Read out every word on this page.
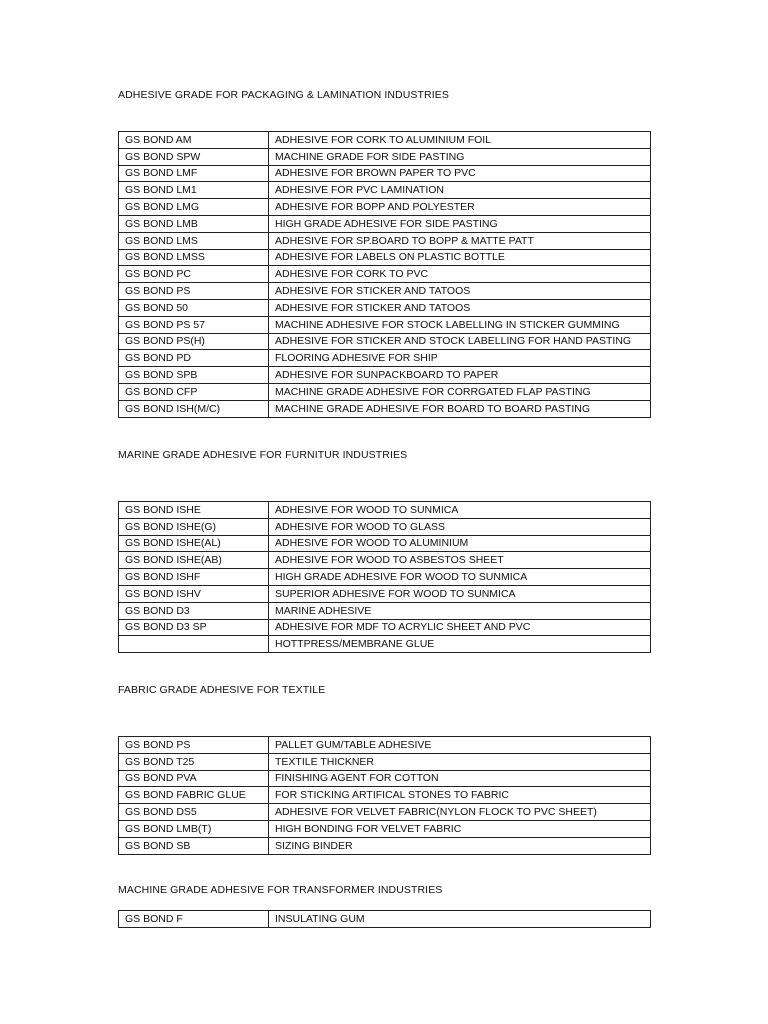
ADHESIVE GRADE FOR PACKAGING & LAMINATION INDUSTRIES
GS BOND AM	ADHESIVE FOR CORK TO ALUMINIUM FOIL
GS BOND SPW	MACHINE GRADE FOR SIDE PASTING
GS BOND LMF	ADHESIVE FOR BROWN PAPER TO PVC
GS BOND LM1	ADHESIVE FOR PVC LAMINATION
GS BOND LMG	ADHESIVE FOR BOPP AND POLYESTER
GS BOND LMB	HIGH GRADE ADHESIVE FOR SIDE PASTING
GS BOND LMS	ADHESIVE FOR SP.BOARD TO BOPP & MATTE PATT
GS BOND LMSS	ADHESIVE FOR LABELS ON PLASTIC BOTTLE
GS BOND PC	ADHESIVE FOR CORK TO PVC
GS BOND PS	ADHESIVE FOR STICKER AND TATOOS
GS BOND 50	ADHESIVE FOR STICKER AND TATOOS
GS BOND PS 57	MACHINE ADHESIVE FOR STOCK LABELLING IN STICKER GUMMING
GS BOND PS(H)	ADHESIVE FOR STICKER AND STOCK LABELLING FOR HAND PASTING
GS BOND PD	FLOORING ADHESIVE FOR SHIP
GS BOND SPB	ADHESIVE FOR SUNPACKBOARD TO PAPER
GS BOND CFP	MACHINE GRADE ADHESIVE FOR CORRGATED FLAP PASTING
GS BOND ISH(M/C)	MACHINE GRADE ADHESIVE FOR BOARD TO BOARD PASTING
MARINE GRADE ADHESIVE FOR FURNITUR INDUSTRIES
GS BOND ISHE	ADHESIVE FOR WOOD TO SUNMICA
GS BOND ISHE(G)	ADHESIVE FOR WOOD TO GLASS
GS BOND ISHE(AL)	ADHESIVE FOR WOOD TO ALUMINIUM
GS BOND ISHE(AB)	ADHESIVE FOR WOOD TO ASBESTOS SHEET
GS BOND ISHF	HIGH GRADE ADHESIVE FOR WOOD TO SUNMICA
GS BOND ISHV	SUPERIOR ADHESIVE FOR WOOD TO SUNMICA
GS BOND D3	MARINE ADHESIVE
GS BOND D3 SP	ADHESIVE FOR MDF TO ACRYLIC SHEET AND PVC
	HOTTPRESS/MEMBRANE GLUE
FABRIC GRADE ADHESIVE FOR TEXTILE
GS BOND PS	PALLET GUM/TABLE ADHESIVE
GS BOND T25	TEXTILE THICKNER
GS BOND PVA	FINISHING AGENT FOR COTTON
GS BOND FABRIC GLUE	FOR STICKING ARTIFICAL STONES TO FABRIC
GS BOND DS5	ADHESIVE FOR VELVET FABRIC(NYLON FLOCK TO PVC SHEET)
GS BOND LMB(T)	HIGH BONDING FOR VELVET FABRIC
GS BOND SB	SIZING BINDER
MACHINE GRADE ADHESIVE FOR TRANSFORMER INDUSTRIES
GS BOND F	INSULATING GUM
